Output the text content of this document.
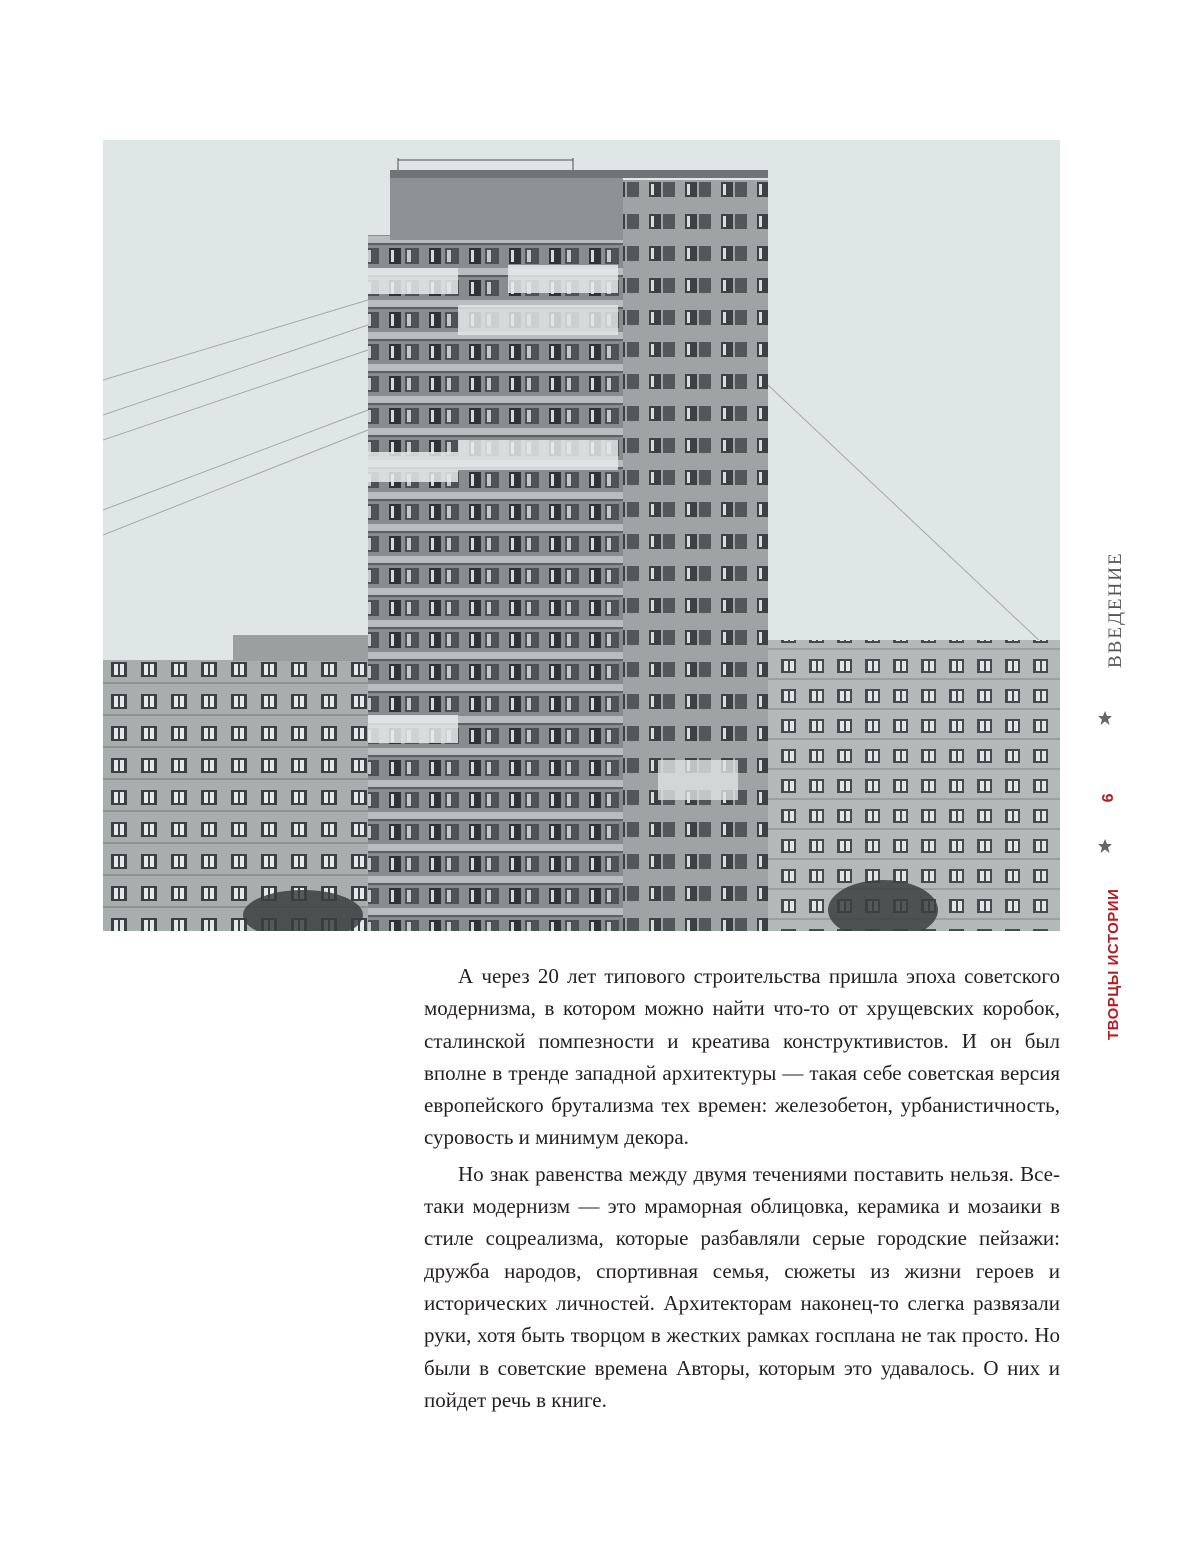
А через 20 лет типового строительства пришла эпоха советского модернизма, в котором можно найти что-то от хрущевских коробок, сталинской помпезности и креатива конструктивистов. И он был вполне в тренде западной архитектуры — такая себе советская версия европейского брутализма тех времен: железобетон, урбанистичность, суровость и минимум декора.

Но знак равенства между двумя течениями поставить нельзя. Все-таки модернизм — это мраморная облицовка, керамика и мозаики в стиле соцреализма, которые разбавляли серые городские пейзажи: дружба народов, спортивная семья, сюжеты из жизни героев и исторических личностей. Архитекторам наконец-то слегка развязали руки, хотя быть творцом в жестких рамках госплана не так просто. Но были в советские времена Авторы, которым это удавалось. О них и пойдет речь в книге.

ТВОРЦЫ ИСТОРИИ
9
ВВЕДЕНИЕ
